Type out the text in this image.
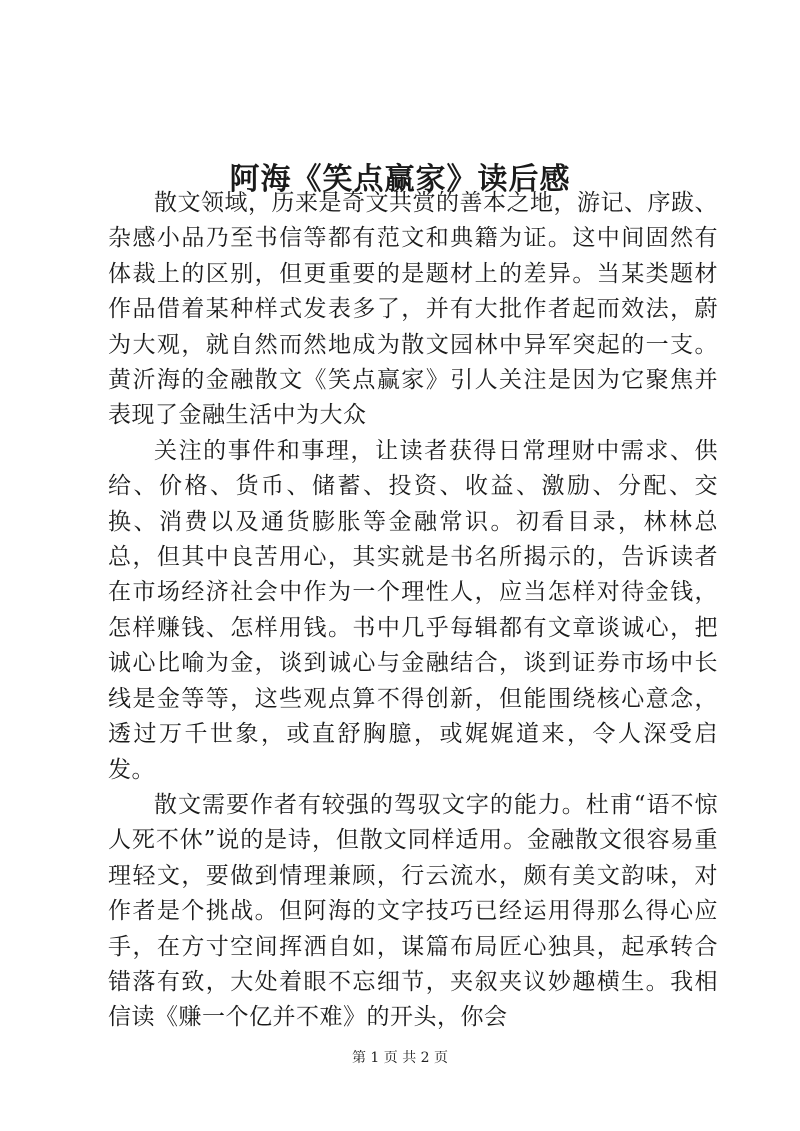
阿海《笑点赢家》读后感

散文领域，历来是奇文共赏的善本之地，游记、序跋、杂感小品乃至书信等都有范文和典籍为证。这中间固然有体裁上的区别，但更重要的是题材上的差异。当某类题材作品借着某种样式发表多了，并有大批作者起而效法，蔚为大观，就自然而然地成为散文园林中异军突起的一支。黄沂海的金融散文《笑点赢家》引人关注是因为它聚焦并表现了金融生活中为大众

关注的事件和事理，让读者获得日常理财中需求、供给、价格、货币、储蓄、投资、收益、激励、分配、交换、消费以及通货膨胀等金融常识。初看目录，林林总总，但其中良苦用心，其实就是书名所揭示的，告诉读者在市场经济社会中作为一个理性人，应当怎样对待金钱，怎样赚钱、怎样用钱。书中几乎每辑都有文章谈诚心，把诚心比喻为金，谈到诚心与金融结合，谈到证券市场中长线是金等等，这些观点算不得创新，但能围绕核心意念，透过万千世象，或直舒胸臆，或娓娓道来，令人深受启发。

散文需要作者有较强的驾驭文字的能力。杜甫“语不惊人死不休”说的是诗，但散文同样适用。金融散文很容易重理轻文，要做到情理兼顾，行云流水，颇有美文韵味，对作者是个挑战。但阿海的文字技巧已经运用得那么得心应手，在方寸空间挥洒自如，谋篇布局匠心独具，起承转合错落有致，大处着眼不忘细节，夹叙夹议妙趣横生。我相信读《赚一个亿并不难》的开头，你会

第 1 页 共 2 页
